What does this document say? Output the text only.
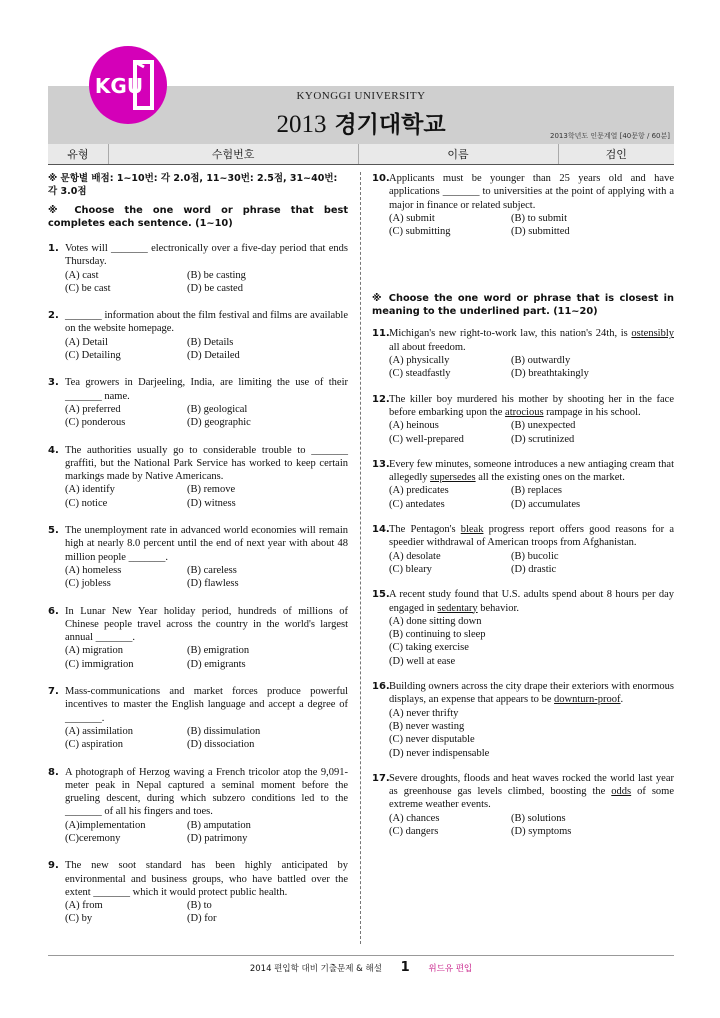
KYONGGI UNIVERSITY
2013 경기대학교	2013학년도 인문계열 [40문항 / 60분]
KGU
유형	수험번호	이름	검인
※ 문항별 배점: 1~10번: 각 2.0점, 11~30번: 2.5점, 31~40번: 각 3.0점
※ Choose the one word or phrase that best completes each sentence. (1~10)
1. Votes will _______ electronically over a five-day period that ends Thursday.
(A) cast	(B) be casting
(C) be cast	(D) be casted
2. _______ information about the film festival and films are available on the website homepage.
(A) Detail	(B) Details
(C) Detailing	(D) Detailed
3. Tea growers in Darjeeling, India, are limiting the use of their _______ name.
(A) preferred	(B) geological
(C) ponderous	(D) geographic
4. The authorities usually go to considerable trouble to _______ graffiti, but the National Park Service has worked to keep certain markings made by Native Americans.
(A) identify	(B) remove
(C) notice	(D) witness
5. The unemployment rate in advanced world economies will remain high at nearly 8.0 percent until the end of next year with about 48 million people _______.
(A) homeless	(B) careless
(C) jobless	(D) flawless
6. In Lunar New Year holiday period, hundreds of millions of Chinese people travel across the country in the world's largest annual _______.
(A) migration	(B) emigration
(C) immigration	(D) emigrants
7. Mass-communications and market forces produce powerful incentives to master the English language and accept a degree of _______.
(A) assimilation	(B) dissimulation
(C) aspiration	(D) dissociation
8. A photograph of Herzog waving a French tricolor atop the 9,091-meter peak in Nepal captured a seminal moment before the grueling descent, during which subzero conditions led to the _______ of all his fingers and toes.
(A)implementation	(B) amputation
(C)ceremony	(D) patrimony
9. The new soot standard has been highly anticipated by environmental and business groups, who have battled over the extent _______ which it would protect public health.
(A) from	(B) to
(C) by	(D) for
10. Applicants must be younger than 25 years old and have applications _______ to universities at the point of applying with a major in finance or related subject.
(A) submit	(B) to submit
(C) submitting	(D) submitted
※ Choose the one word or phrase that is closest in meaning to the underlined part. (11~20)
11. Michigan's new right-to-work law, this nation's 24th, is ostensibly all about freedom.
(A) physically	(B) outwardly
(C) steadfastly	(D) breathtakingly
12. The killer boy murdered his mother by shooting her in the face before embarking upon the atrocious rampage in his school.
(A) heinous	(B) unexpected
(C) well-prepared	(D) scrutinized
13. Every few minutes, someone introduces a new antiaging cream that allegedly supersedes all the existing ones on the market.
(A) predicates	(B) replaces
(C) antedates	(D) accumulates
14. The Pentagon's bleak progress report offers good reasons for a speedier withdrawal of American troops from Afghanistan.
(A) desolate	(B) bucolic
(C) bleary	(D) drastic
15. A recent study found that U.S. adults spend about 8 hours per day engaged in sedentary behavior.
(A) done sitting down
(B) continuing to sleep
(C) taking exercise
(D) well at ease
16. Building owners across the city drape their exteriors with enormous displays, an expense that appears to be downturn-proof.
(A) never thrifty
(B) never wasting
(C) never disputable
(D) never indispensable
17. Severe droughts, floods and heat waves rocked the world last year as greenhouse gas levels climbed, boosting the odds of some extreme weather events.
(A) chances	(B) solutions
(C) dangers	(D) symptoms
2014 편입학 대비 기출문제 & 해설 1 위드유 편입
